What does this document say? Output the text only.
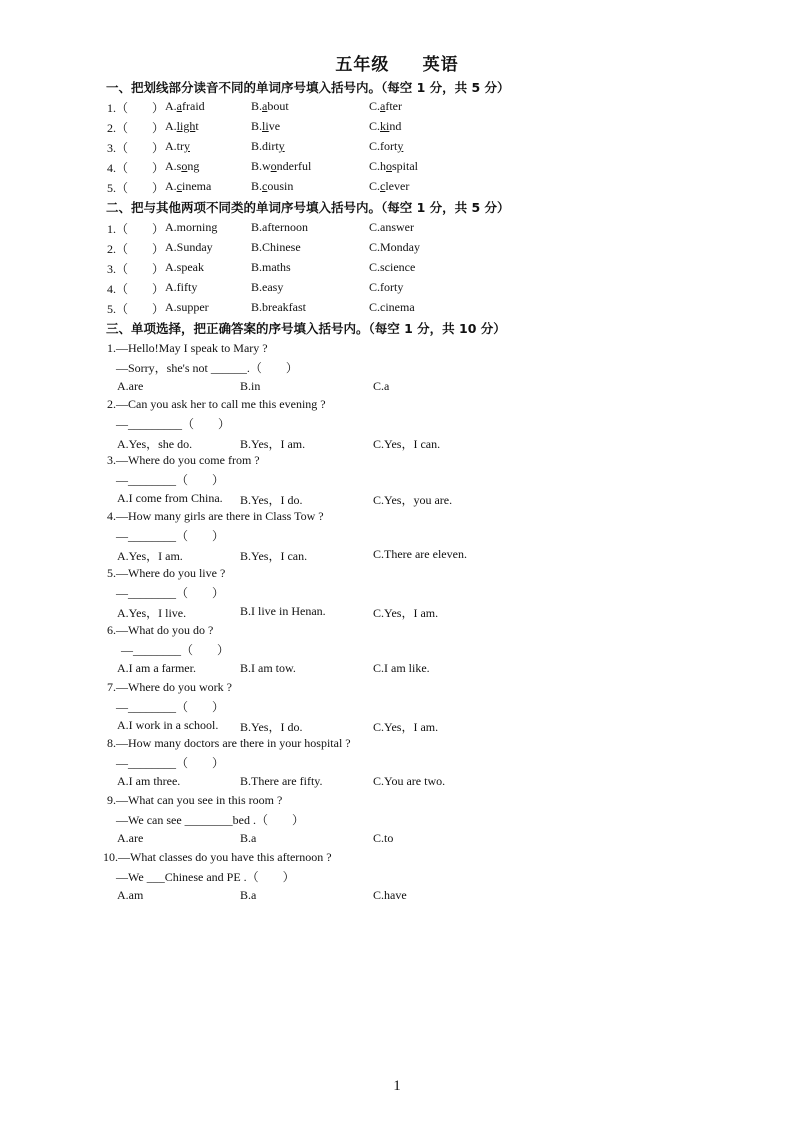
五年级 英语
一、把划线部分读音不同的单词序号填入括号内。（每空 1 分，共 5 分）
1.（　　） A.afraid	B.about	C.after
2.（　　） A.light	B.live	C.kind
3.（　　） A.try	B.dirty	C.forty
4.（　　） A.song	B.wonderful	C.hospital
5.（　　） A.cinema	B.cousin	C.clever
二、把与其他两项不同类的单词序号填入括号内。（每空 1 分，共 5 分）
1.（　　） A.morning	B.afternoon	C.answer
2.（　　） A.Sunday	B.Chinese	C.Monday
3.（　　） A.speak	B.maths	C.science
4.（　　） A.fifty	B.easy	C.forty
5.（　　） A.supper	B.breakfast	C.cinema
三、单项选择，把正确答案的序号填入括号内。（每空 1 分，共 10 分）
1.—Hello!May I speak to Mary ?
—Sorry，she's not ______.（　　）
A.are	B.in	C.a
2.—Can you ask her to call me this evening ?
—_________（　　）
A.Yes，she do.	B.Yes，I am.	C.Yes，I can.
3.—Where do you come from ?
—________（　　）
A.I come from China. B.Yes，I do.	C.Yes，you are.
4.—How many girls are there in Class Tow ?
—________（　　）
A.Yes，I am.	B.Yes，I can.	C.There are eleven.
5.—Where do you live ?
—________（　　）
A.Yes，I live.	B.I live in Henan.	C.Yes，I am.
6.—What do you do ?
—________（　　）
A.I am a farmer.	B.I am tow.	C.I am like.
7.—Where do you work ?
—________（　　）
A.I work in a school. B.Yes，I do.	C.Yes，I am.
8.—How many doctors are there in your hospital ?
—________（　　）
A.I am three.	B.There are fifty.	C.You are two.
9.—What can you see in this room ?
—We can see ________bed .（　　）
A.are	B.a	C.to
10.—What classes do you have this afternoon ?
—We ___Chinese and PE .（　　）
A.am	B.a	C.have
1
